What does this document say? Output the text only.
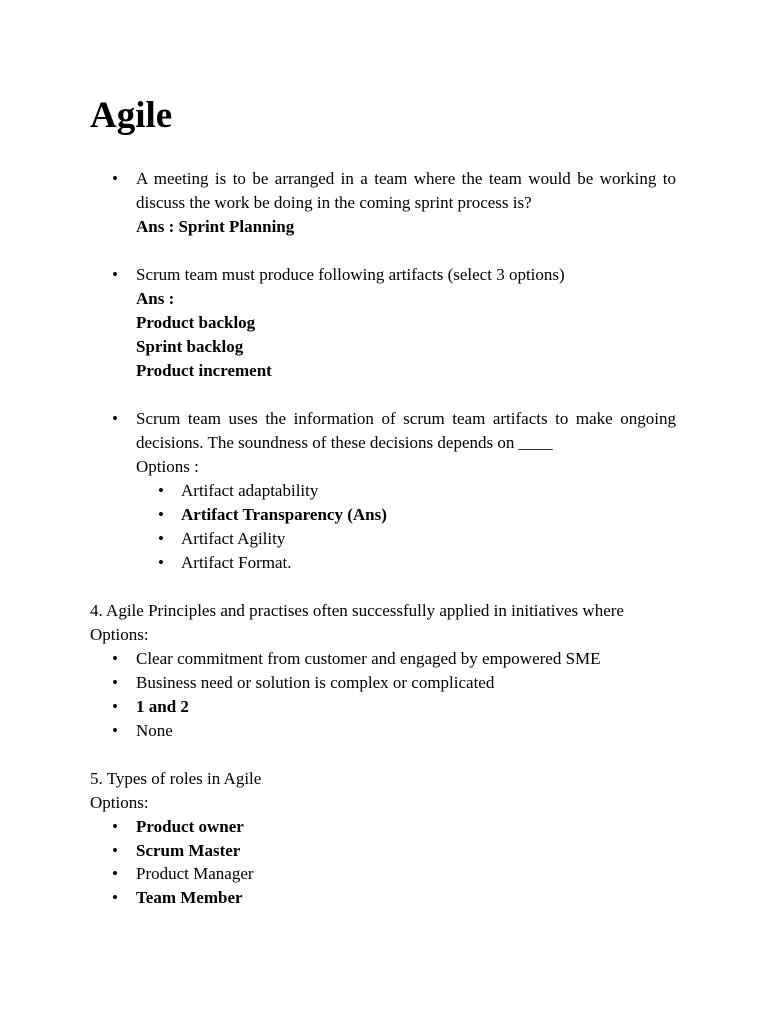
Agile
• A meeting is to be arranged in a team where the team would be working to
discuss the work be doing in the coming sprint process is?
Ans : Sprint Planning
• Scrum team must produce following artifacts (select 3 options)
Ans :
Product backlog
Sprint backlog
Product increment
• Scrum team uses the information of scrum team artifacts to make ongoing
decisions. The soundness of these decisions depends on ____
Options :
• Artifact adaptability
• Artifact Transparency (Ans)
• Artifact Agility
• Artifact Format.
4. Agile Principles and practises often successfully applied in initiatives where
Options:
• Clear commitment from customer and engaged by empowered SME
• Business need or solution is complex or complicated
• 1 and 2
• None
5. Types of roles in Agile
Options:
• Product owner
• Scrum Master
• Product Manager
• Team Member
